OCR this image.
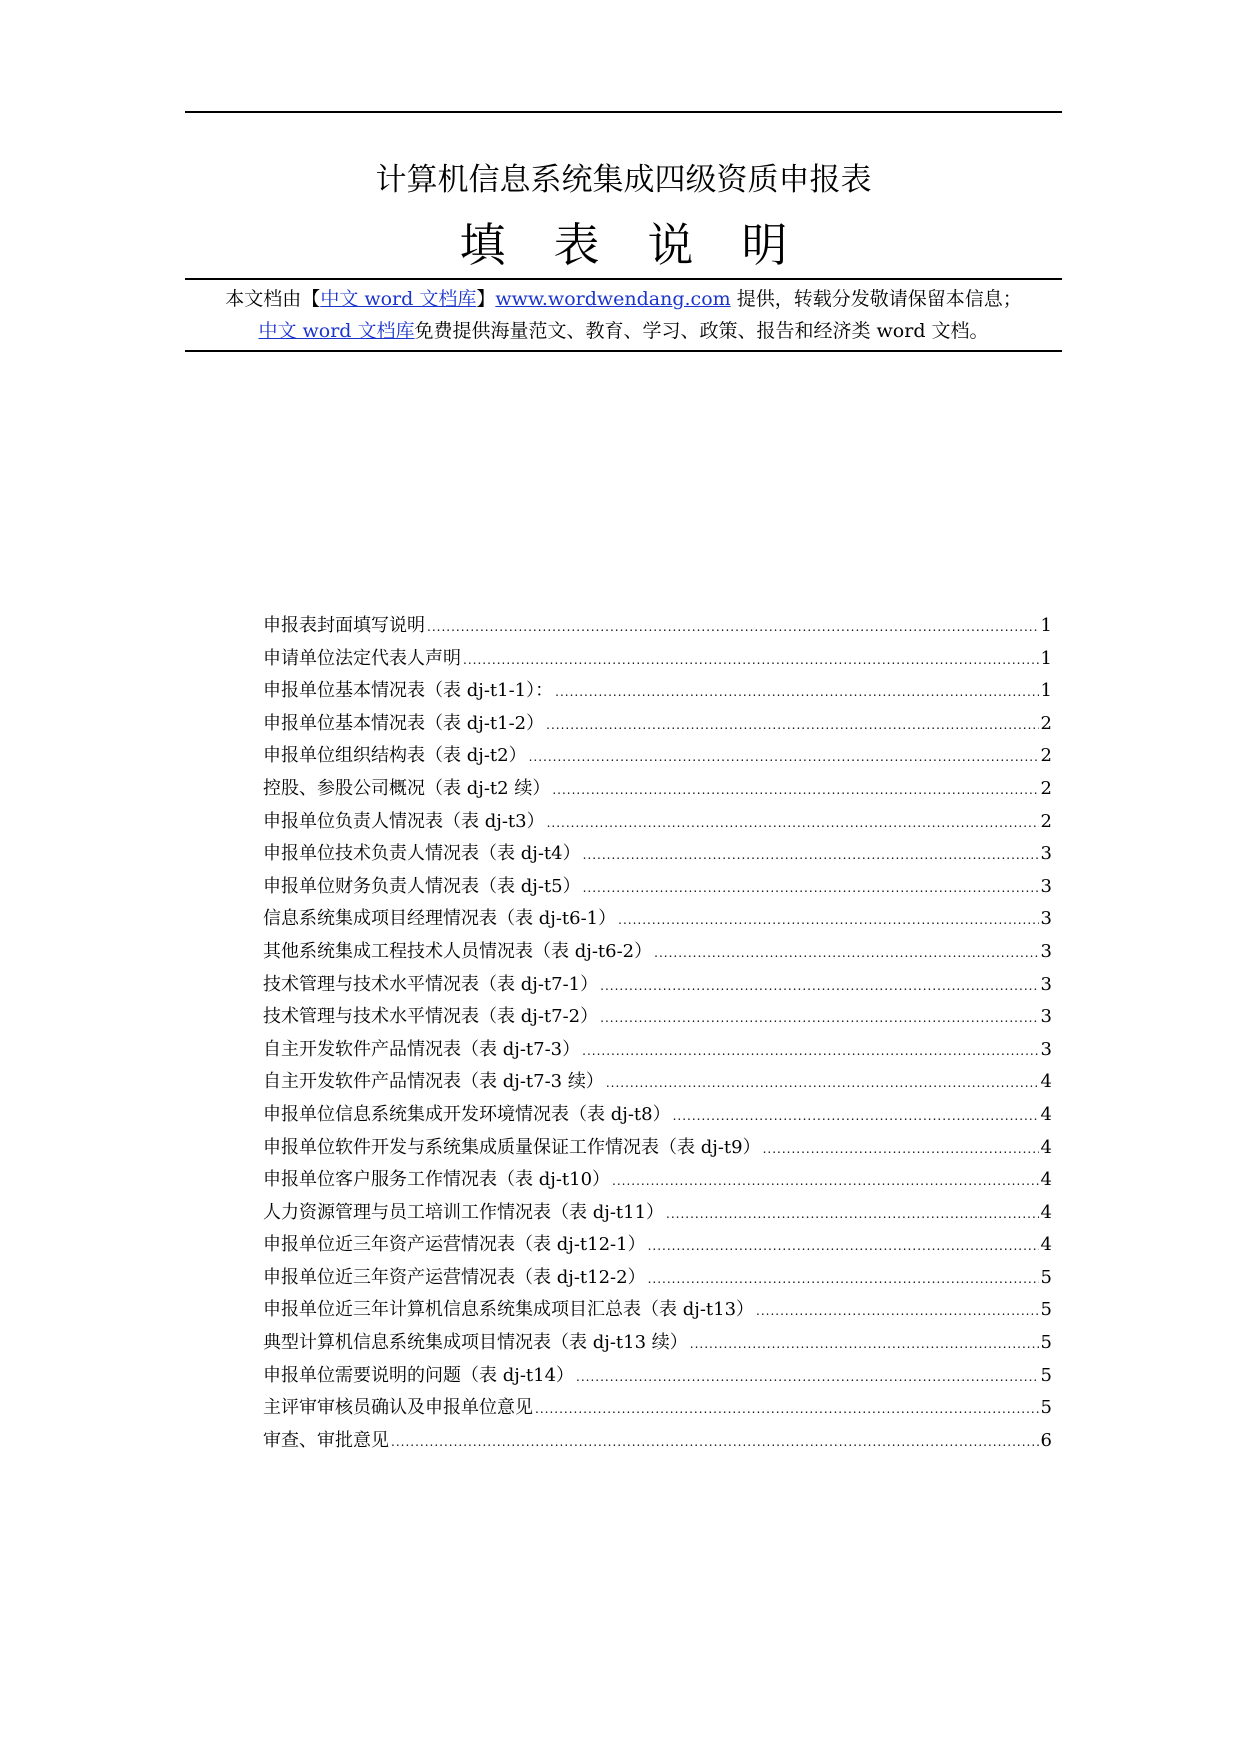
计算机信息系统集成四级资质申报表
填 表 说 明
本文档由【中文 word 文档库】www.wordwendang.com 提供，转载分发敬请保留本信息；
中文 word 文档库免费提供海量范文、教育、学习、政策、报告和经济类 word 文档。
申报表封面填写说明 .....	1
申请单位法定代表人声明 .....	1
申报单位基本情况表（表 dj-t1-1）： .....	1
申报单位基本情况表（表 dj-t1-2） .....	2
申报单位组织结构表（表 dj-t2） .....	2
控股、参股公司概况（表 dj-t2 续） .....	2
申报单位负责人情况表（表 dj-t3） .....	2
申报单位技术负责人情况表（表 dj-t4） .....	3
申报单位财务负责人情况表（表 dj-t5） .....	3
信息系统集成项目经理情况表（表 dj-t6-1） .....	3
其他系统集成工程技术人员情况表（表 dj-t6-2） .....	3
技术管理与技术水平情况表（表 dj-t7-1） .....	3
技术管理与技术水平情况表（表 dj-t7-2） .....	3
自主开发软件产品情况表（表 dj-t7-3） .....	3
自主开发软件产品情况表（表 dj-t7-3 续） .....	4
申报单位信息系统集成开发环境情况表（表 dj-t8） .....	4
申报单位软件开发与系统集成质量保证工作情况表（表 dj-t9） .....	4
申报单位客户服务工作情况表（表 dj-t10） .....	4
人力资源管理与员工培训工作情况表（表 dj-t11） .....	4
申报单位近三年资产运营情况表（表 dj-t12-1） .....	4
申报单位近三年资产运营情况表（表 dj-t12-2） .....	5
申报单位近三年计算机信息系统集成项目汇总表（表 dj-t13） .....	5
典型计算机信息系统集成项目情况表（表 dj-t13 续） .....	5
申报单位需要说明的问题（表 dj-t14） .....	5
主评审审核员确认及申报单位意见 .....	5
审查、审批意见 .....	6
